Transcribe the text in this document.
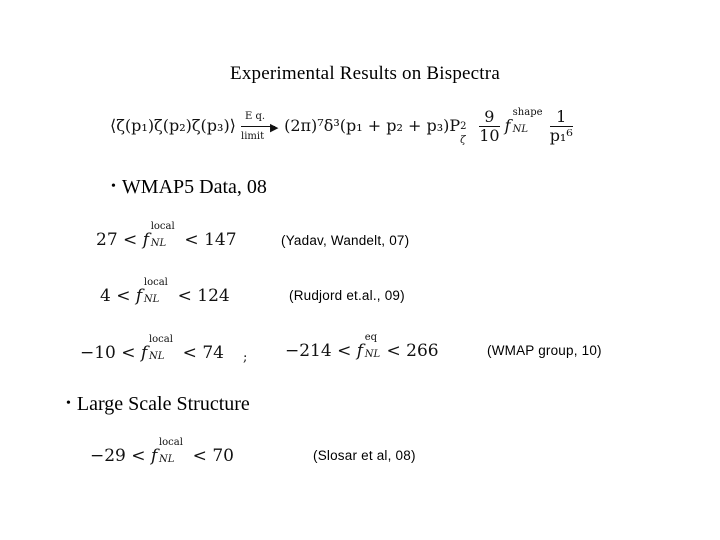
Experimental Results on Bispectra
⟨ζ(p₁)ζ(p₂)ζ(p₃)⟩ E q.
▶
limit
(2π)⁷δ³(p₁ + p₂ + p₃)P 2
ζ
$\frac{9}{10}$ f
shape
NL
$\frac{1}{\text{p₁⁶}}$
• WMAP5 Data, 08
27 < f
local
NL < 147	(Yadav, Wandelt, 07)
4 < f
local
NL < 124	(Rudjord et.al., 09)
−10 < f
local
NL < 74 ; −214 < f
eq
NL < 266	(WMAP group, 10)
• Large Scale Structure
−29 < f
local
NL < 70	(Slosar et al, 08)
